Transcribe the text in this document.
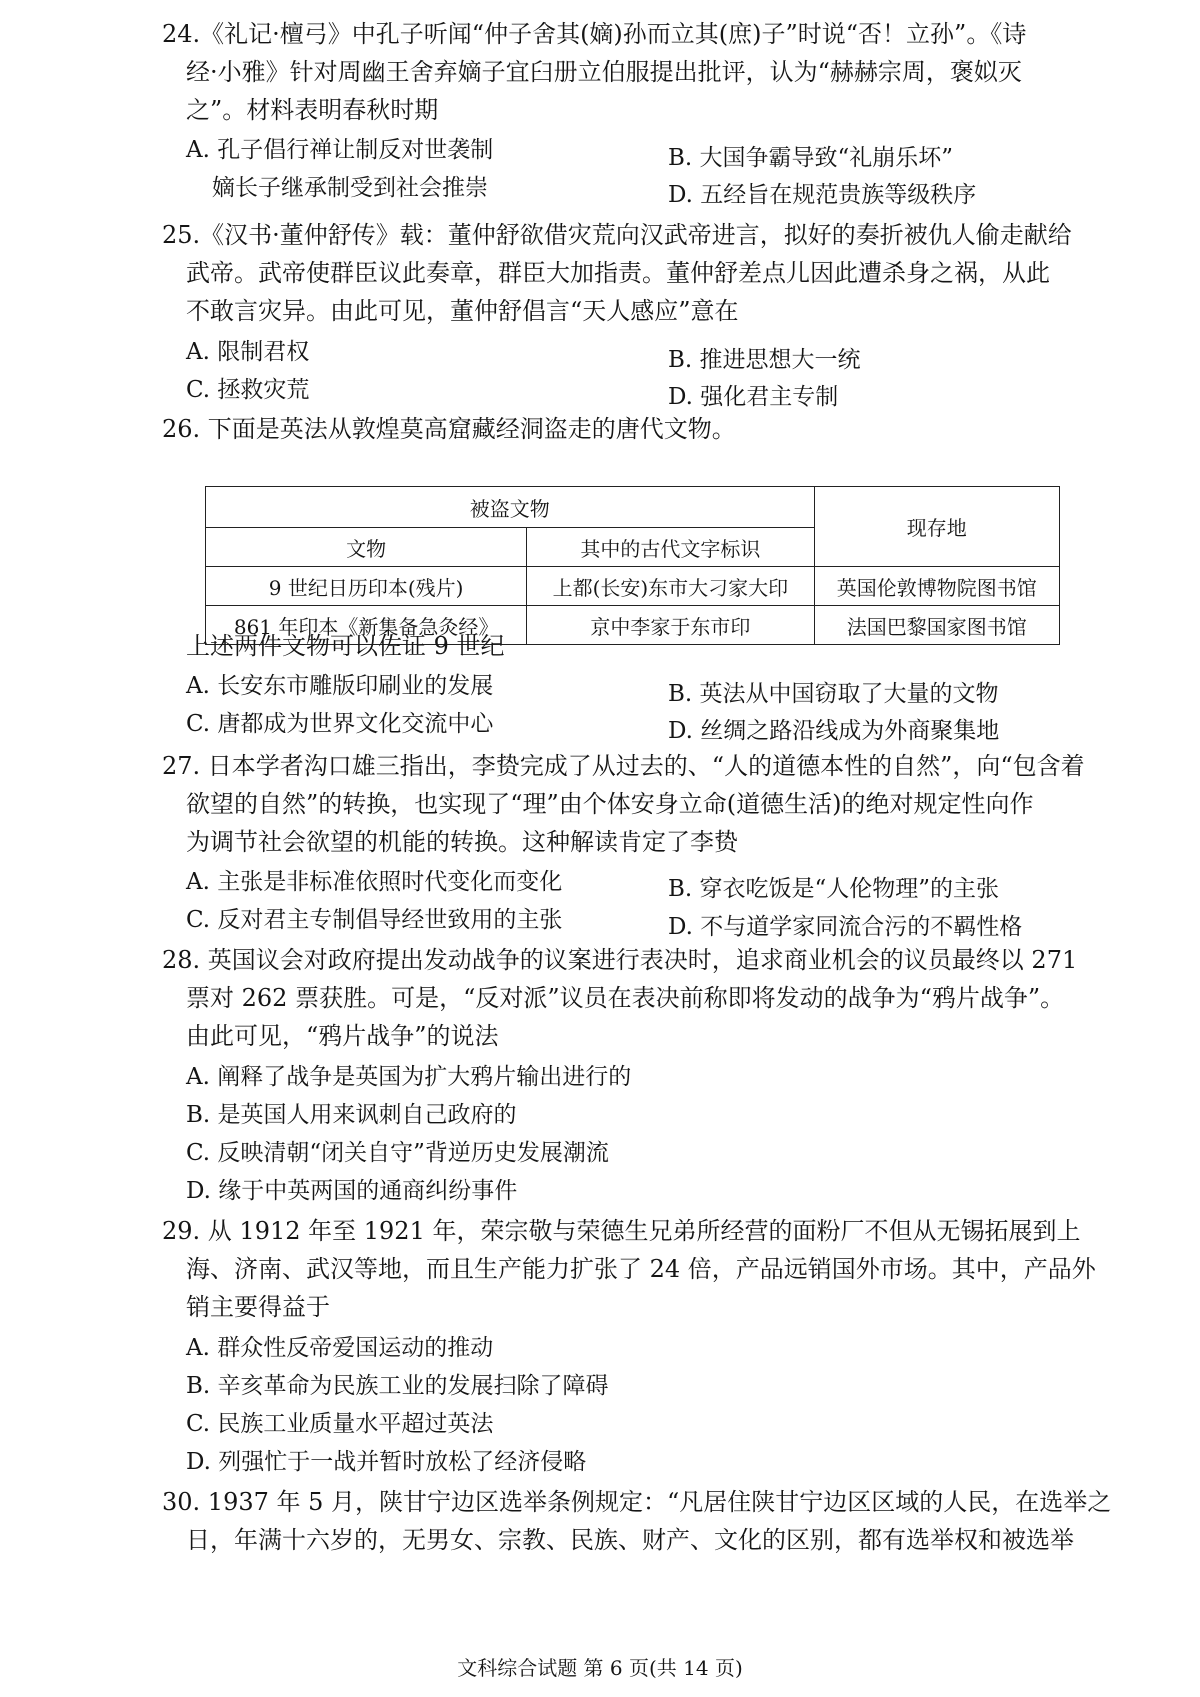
24.《礼记·檀弓》中孔子听闻“仲子舍其(嫡)孙而立其(庶)子”时说“否！立孙”。《诗
经·小雅》针对周幽王舍弃嫡子宜臼册立伯服提出批评，认为“赫赫宗周，褒姒灭
之”。材料表明春秋时期
A. 孔子倡行禅让制反对世袭制	B. 大国争霸导致“礼崩乐坏”
嫡长子继承制受到社会推崇	D. 五经旨在规范贵族等级秩序
25.《汉书·董仲舒传》载：董仲舒欲借灾荒向汉武帝进言，拟好的奏折被仇人偷走献给
武帝。武帝使群臣议此奏章，群臣大加指责。董仲舒差点儿因此遭杀身之祸，从此
不敢言灾异。由此可见，董仲舒倡言“天人感应”意在
A. 限制君权	B. 推进思想大一统
C. 拯救灾荒	D. 强化君主专制
26. 下面是英法从敦煌莫高窟藏经洞盗走的唐代文物。
被盗文物		现存地
文物	其中的古代文字标识	
9 世纪日历印本(残片)	上都(长安)东市大刁家大印	英国伦敦博物院图书馆
861 年印本《新集备急灸经》	京中李家于东市印	法国巴黎国家图书馆
上述两件文物可以佐证 9 世纪
A. 长安东市雕版印刷业的发展	B. 英法从中国窃取了大量的文物
C. 唐都成为世界文化交流中心	D. 丝绸之路沿线成为外商聚集地
27. 日本学者沟口雄三指出，李贽完成了从过去的、“人的道德本性的自然”，向“包含着
欲望的自然”的转换，也实现了“理”由个体安身立命(道德生活)的绝对规定性向作
为调节社会欲望的机能的转换。这种解读肯定了李贽
A. 主张是非标准依照时代变化而变化	B. 穿衣吃饭是“人伦物理”的主张
C. 反对君主专制倡导经世致用的主张	D. 不与道学家同流合污的不羁性格
28. 英国议会对政府提出发动战争的议案进行表决时，追求商业机会的议员最终以 271
票对 262 票获胜。可是，“反对派”议员在表决前称即将发动的战争为“鸦片战争”。
由此可见，“鸦片战争”的说法
A. 阐释了战争是英国为扩大鸦片输出进行的
B. 是英国人用来讽刺自己政府的
C. 反映清朝“闭关自守”背逆历史发展潮流
D. 缘于中英两国的通商纠纷事件
29. 从 1912 年至 1921 年，荣宗敬与荣德生兄弟所经营的面粉厂不但从无锡拓展到上
海、济南、武汉等地，而且生产能力扩张了 24 倍，产品远销国外市场。其中，产品外
销主要得益于
A. 群众性反帝爱国运动的推动
B. 辛亥革命为民族工业的发展扫除了障碍
C. 民族工业质量水平超过英法
D. 列强忙于一战并暂时放松了经济侵略
30. 1937 年 5 月，陕甘宁边区选举条例规定：“凡居住陕甘宁边区区域的人民，在选举之
日，年满十六岁的，无男女、宗教、民族、财产、文化的区别，都有选举权和被选举
文科综合试题 第 6 页(共 14 页)
